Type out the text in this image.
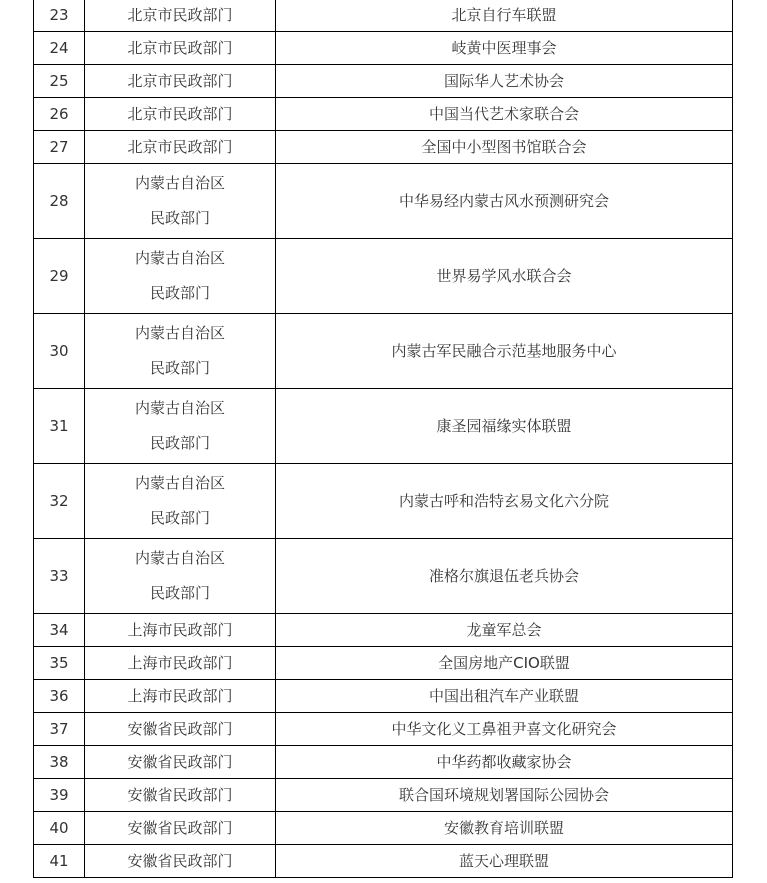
23	北京市民政部门	北京自行车联盟
24	北京市民政部门	岐黄中医理事会
25	北京市民政部门	国际华人艺术协会
26	北京市民政部门	中国当代艺术家联合会
27	北京市民政部门	全国中小型图书馆联合会
28	内蒙古自治区
民政部门	中华易经内蒙古风水预测研究会
29	内蒙古自治区
民政部门	世界易学风水联合会
30	内蒙古自治区
民政部门	内蒙古军民融合示范基地服务中心
31	内蒙古自治区
民政部门	康圣园福缘实体联盟
32	内蒙古自治区
民政部门	内蒙古呼和浩特玄易文化六分院
33	内蒙古自治区
民政部门	准格尔旗退伍老兵协会
34	上海市民政部门	龙童军总会
35	上海市民政部门	全国房地产CIO联盟
36	上海市民政部门	中国出租汽车产业联盟
37	安徽省民政部门	中华文化义工鼻祖尹喜文化研究会
38	安徽省民政部门	中华药都收藏家协会
39	安徽省民政部门	联合国环境规划署国际公园协会
40	安徽省民政部门	安徽教育培训联盟
41	安徽省民政部门	蓝天心理联盟
